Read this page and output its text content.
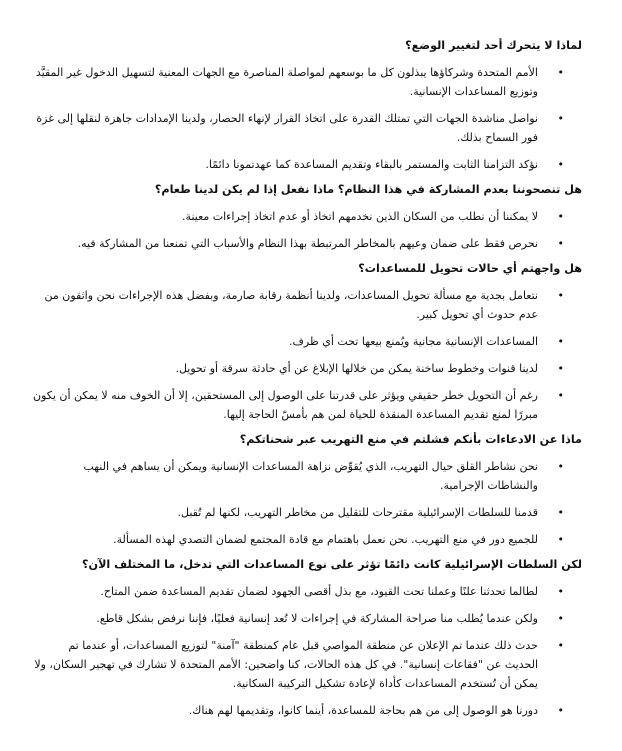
لماذا لا يتحرك أحد لتغيير الوضع؟
• الأمم المتحدة وشركاؤها يبذلون كل ما بوسعهم لمواصلة المناصرة مع الجهات المعنية لتسهيل الدخول غير المقيَّد وتوزيع المساعدات الإنسانية.
• نواصل مناشدة الجهات التي تمتلك القدرة على اتخاذ القرار لإنهاء الحصار، ولدينا الإمدادات جاهزة لنقلها إلى غزة فور السماح بذلك.
• نؤكد التزامنا الثابت والمستمر بالبقاء وتقديم المساعدة كما عهدتمونا دائمًا.
هل تنصحوننا بعدم المشاركة في هذا النظام؟ ماذا نفعل إذا لم يكن لدينا طعام؟
• لا يمكننا أن نطلب من السكان الذين نخدمهم اتخاذ أو عدم اتخاذ إجراءات معينة.
• نحرص فقط على ضمان وعيهم بالمخاطر المرتبطة بهذا النظام والأسباب التي تمنعنا من المشاركة فيه.
هل واجهتم أي حالات تحويل للمساعدات؟
• نتعامل بجدية مع مسألة تحويل المساعدات، ولدينا أنظمة رقابة صارمة، وبفضل هذه الإجراءات نحن واثقون من عدم حدوث أي تحويل كبير.
• المساعدات الإنسانية مجانية ويُمنع بيعها تحت أي ظرف.
• لدينا قنوات وخطوط ساخنة يمكن من خلالها الإبلاغ عن أي حادثة سرقة أو تحويل.
• رغم أن التحويل خطر حقيقي ويؤثر على قدرتنا على الوصول إلى المستحقين، إلا أن الخوف منه لا يمكن أن يكون مبررًا لمنع تقديم المساعدة المنقذة للحياة لمن هم بأمسّ الحاجة إليها.
ماذا عن الادعاءات بأنكم فشلتم في منع التهريب عبر شحناتكم؟
• نحن نشاطر القلق حيال التهريب، الذي يُقوِّض نزاهة المساعدات الإنسانية ويمكن أن يساهم في النهب والنشاطات الإجرامية.
• قدمنا للسلطات الإسرائيلية مقترحات للتقليل من مخاطر التهريب، لكنها لم تُقبل.
• للجميع دور في منع التهريب. نحن نعمل باهتمام مع قادة المجتمع لضمان التصدي لهذه المسألة.
لكن السلطات الإسرائيلية كانت دائمًا تؤثر على نوع المساعدات التي تدخل، ما المختلف الآن؟
• لطالما تحدثنا علنًا وعملنا تحت القيود، مع بذل أقصى الجهود لضمان تقديم المساعدة ضمن المتاح.
• ولكن عندما يُطلب منا صراحة المشاركة في إجراءات لا تُعد إنسانية فعليًا، فإننا نرفض بشكل قاطع.
• حدث ذلك عندما تم الإعلان عن منطقة المواصي قبل عام كمنطقة "آمنة" لتوزيع المساعدات، أو عندما تم الحديث عن "فقاعات إنسانية". في كل هذه الحالات، كنا واضحين: الأمم المتحدة لا تشارك في تهجير السكان، ولا يمكن أن تُستخدم المساعدات كأداة لإعادة تشكيل التركيبة السكانية.
• دورنا هو الوصول إلى من هم بحاجة للمساعدة، أينما كانوا، وتقديمها لهم هناك.
